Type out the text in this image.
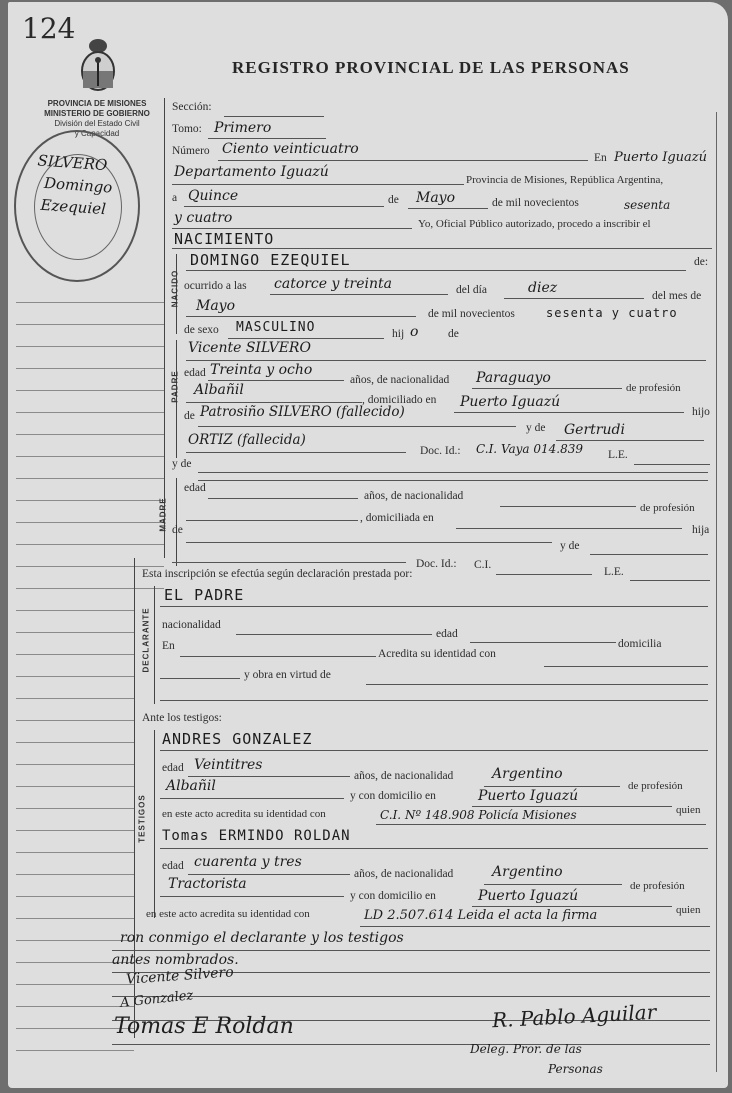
124
REGISTRO PROVINCIAL DE LAS PERSONAS
PROVINCIA DE MISIONES
MINISTERIO DE GOBIERNO
División del Estado Civil
y Capacidad
SILVERO
Domingo
Ezequiel
Sección:
Tomo: Primero
Número Ciento veinticuatro
En Puerto Iguazú
Departamento Iguazú	Provincia de Misiones, República Argentina,
a Quince	de Mayo	de mil novecientos	sesenta
y cuatro	Yo, Oficial Público autorizado, procedo a inscribir el
NACIMIENTO
NACIDO
DOMINGO EZEQUIEL	de:
ocurrido a las catorce y treinta	del día	diez	del mes de
Mayo	de mil novecientos	sesenta y cuatro
de sexo MASCULINO	hij o	de
PADRE
Vicente SILVERO
edad Treinta y ocho
años, de nacionalidad Paraguayo
de profesión
Albañil
, domiciliado en Puerto Iguazú
hijo
de Patrosiño SILVERO (fallecido)
y de Gertrudi
ORTIZ (fallecida)
Doc. Id.: C.I. Vaya 014.839 L.E.
y de
MADRE
edad
años, de nacionalidad
de profesión
, domiciliada en
hija
de
y de
Doc. Id.: C.I.
L.E.
Esta inscripción se efectúa según declaración prestada por:
DECLARANTE
EL PADRE
nacionalidad
edad
domicilia
En
Acredita su identidad con
y obra en virtud de
Ante los testigos:
TESTIGOS
ANDRES GONZALEZ
edad Veintitres
años, de nacionalidad	Argentino
de profesión
Albañil
y con domicilio en	Puerto Iguazú
quien
en este acto acredita su identidad con	C.I. Nº 148.908 Policía Misiones
Tomas ERMINDO ROLDAN
edad cuarenta y tres
años, de nacionalidad	Argentino
de profesión
Tractorista
y con domicilio en	Puerto Iguazú
quien
en este acto acredita su identidad con	LD 2.507.614 Leida el acta la firma
ron conmigo el declarante y los testigos
antes nombrados.
Vicente Silvero
A Gonzalez
Tomas E Roldan	R. Pablo Aguilar
Deleg. Pror. de las
Personas
